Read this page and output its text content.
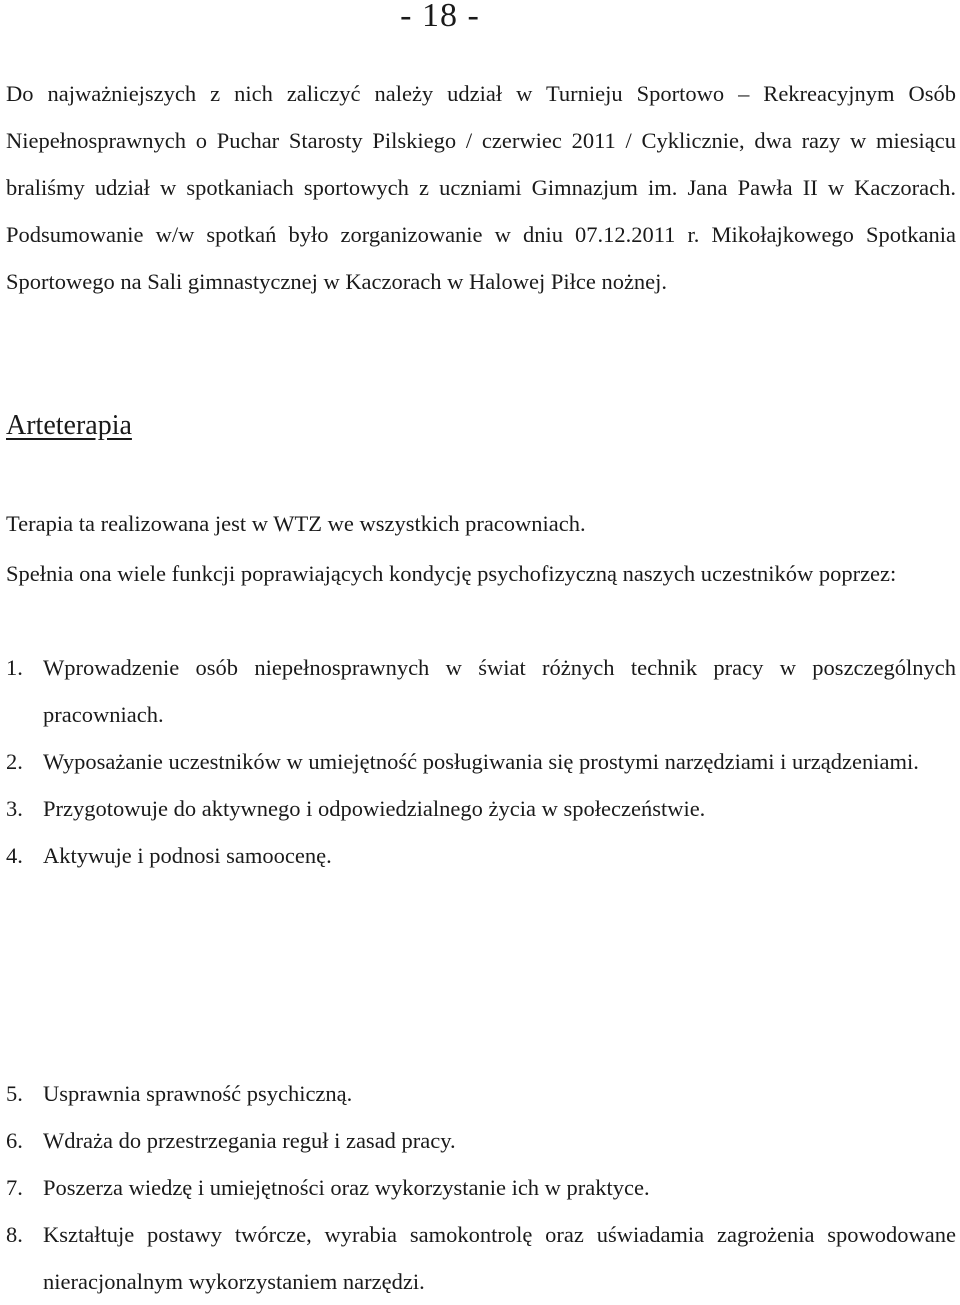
- 18 -

Do najważniejszych z nich zaliczyć należy udział w Turnieju Sportowo – Rekreacyjnym Osób Niepełnosprawnych o Puchar Starosty Pilskiego / czerwiec 2011 / Cyklicznie, dwa razy w miesiącu braliśmy udział w spotkaniach sportowych z uczniami Gimnazjum im. Jana Pawła II w Kaczorach. Podsumowanie w/w spotkań było zorganizowanie w dniu 07.12.2011 r. Mikołajkowego Spotkania Sportowego na Sali gimnastycznej w Kaczorach w Halowej Piłce nożnej.

Arteterapia

Terapia ta realizowana jest w WTZ we wszystkich pracowniach.

Spełnia ona wiele funkcji poprawiających kondycję psychofizyczną naszych uczestników poprzez:

1. Wprowadzenie osób niepełnosprawnych w świat różnych technik pracy w poszczególnych pracowniach.
2. Wyposażanie uczestników w umiejętność posługiwania się prostymi narzędziami i urządzeniami.
3. Przygotowuje do aktywnego i odpowiedzialnego życia w społeczeństwie.
4. Aktywuje i podnosi samoocenę.
5. Usprawnia sprawność psychiczną.
6. Wdraża do przestrzegania reguł i zasad pracy.
7. Poszerza wiedzę i umiejętności oraz wykorzystanie ich w praktyce.
8. Kształtuje postawy twórcze, wyrabia samokontrolę oraz uświadamia zagrożenia spowodowane nieracjonalnym wykorzystaniem narzędzi.
